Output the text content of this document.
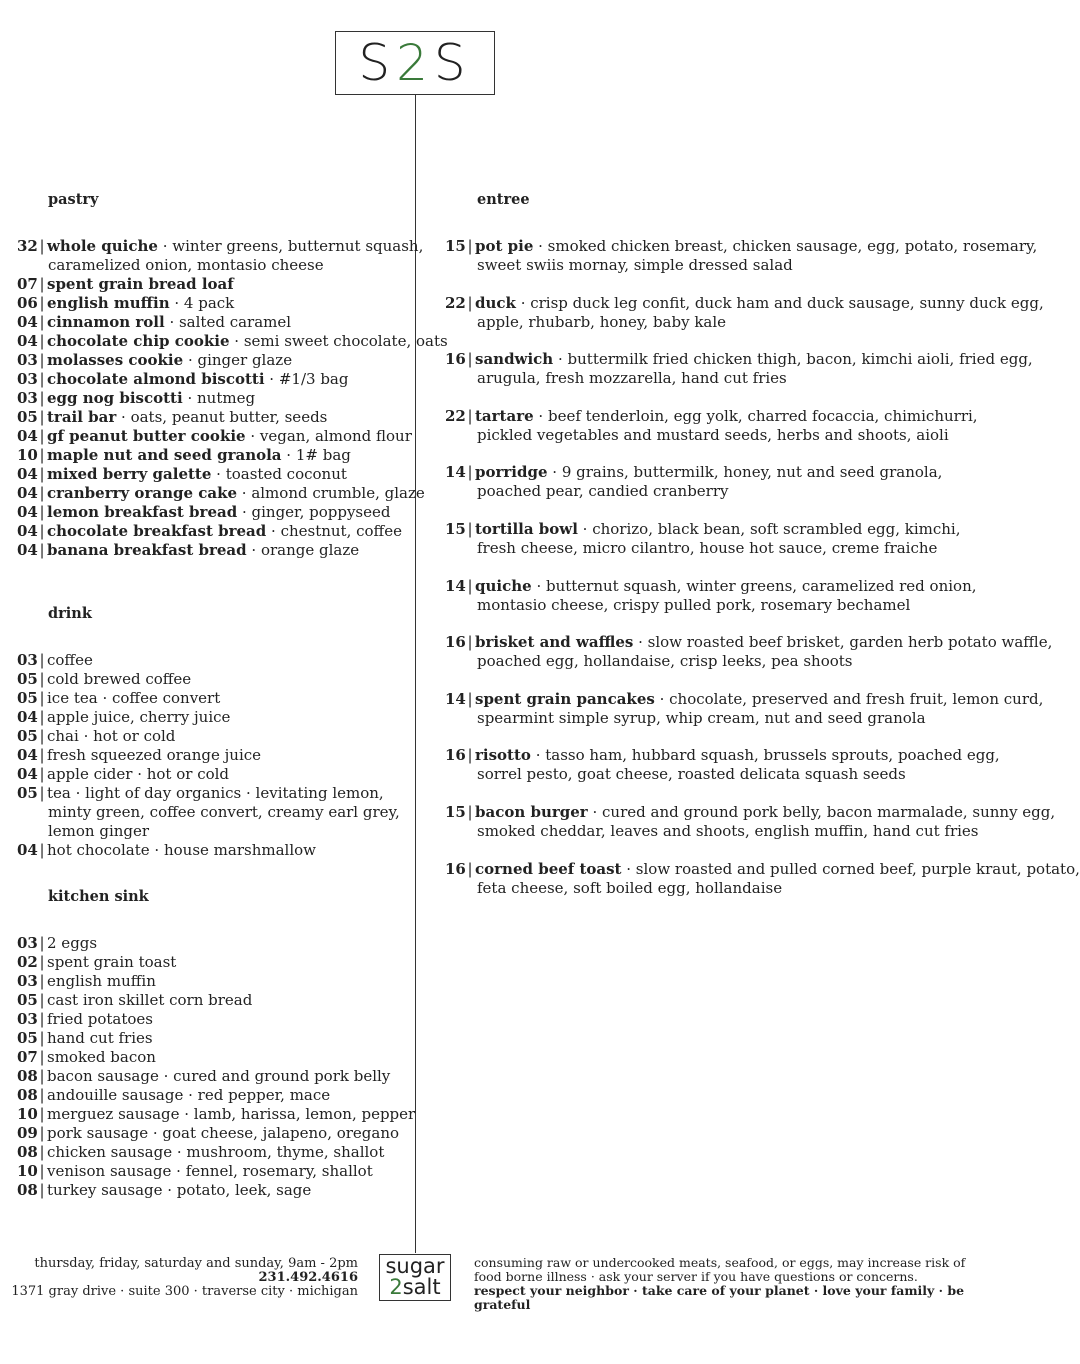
S2S
pastry
32 | whole quiche · winter greens, butternut squash,
caramelized onion, montasio cheese
07 | spent grain bread loaf
06 | english muffin · 4 pack
04 | cinnamon roll · salted caramel
04 | chocolate chip cookie · semi sweet chocolate, oats
03 | molasses cookie · ginger glaze
03 | chocolate almond biscotti · #1/3 bag
03 | egg nog biscotti · nutmeg
05 | trail bar · oats, peanut butter, seeds
04 | gf peanut butter cookie · vegan, almond flour
10 | maple nut and seed granola · 1# bag
04 | mixed berry galette · toasted coconut
04 | cranberry orange cake · almond crumble, glaze
04 | lemon breakfast bread · ginger, poppyseed
04 | chocolate breakfast bread · chestnut, coffee
04 | banana breakfast bread · orange glaze
drink
03 | coffee
05 | cold brewed coffee
05 | ice tea · coffee convert
04 | apple juice, cherry juice
05 | chai · hot or cold
04 | fresh squeezed orange juice
04 | apple cider · hot or cold
05 | tea · light of day organics · levitating lemon,
minty green, coffee convert, creamy earl grey,
lemon ginger
04 | hot chocolate · house marshmallow
kitchen sink
03 | 2 eggs
02 | spent grain toast
03 | english muffin
05 | cast iron skillet corn bread
03 | fried potatoes
05 | hand cut fries
07 | smoked bacon
08 | bacon sausage · cured and ground pork belly
08 | andouille sausage · red pepper, mace
10 | merguez sausage · lamb, harissa, lemon, pepper
09 | pork sausage · goat cheese, jalapeno, oregano
08 | chicken sausage · mushroom, thyme, shallot
10 | venison sausage · fennel, rosemary, shallot
08 | turkey sausage · potato, leek, sage
entree
15 | pot pie · smoked chicken breast, chicken sausage, egg, potato, rosemary,
sweet swiis mornay, simple dressed salad
22 | duck · crisp duck leg confit, duck ham and duck sausage, sunny duck egg,
apple, rhubarb, honey, baby kale
16 | sandwich · buttermilk fried chicken thigh, bacon, kimchi aioli, fried egg,
arugula, fresh mozzarella, hand cut fries
22 | tartare · beef tenderloin, egg yolk, charred focaccia, chimichurri,
pickled vegetables and mustard seeds, herbs and shoots, aioli
14 | porridge · 9 grains, buttermilk, honey, nut and seed granola,
poached pear, candied cranberry
15 | tortilla bowl · chorizo, black bean, soft scrambled egg, kimchi,
fresh cheese, micro cilantro, house hot sauce, creme fraiche
14 | quiche · butternut squash, winter greens, caramelized red onion,
montasio cheese, crispy pulled pork, rosemary bechamel
16 | brisket and waffles · slow roasted beef brisket, garden herb potato waffle,
poached egg, hollandaise, crisp leeks, pea shoots
14 | spent grain pancakes · chocolate, preserved and fresh fruit, lemon curd,
spearmint simple syrup, whip cream, nut and seed granola
16 | risotto · tasso ham, hubbard squash, brussels sprouts, poached egg,
sorrel pesto, goat cheese, roasted delicata squash seeds
15 | bacon burger · cured and ground pork belly, bacon marmalade, sunny egg,
smoked cheddar, leaves and shoots, english muffin, hand cut fries
16 | corned beef toast · slow roasted and pulled corned beef, purple kraut, potato,
feta cheese, soft boiled egg, hollandaise
thursday, friday, saturday and sunday, 9am - 2pm
231.492.4616
1371 gray drive · suite 300 · traverse city · michigan
sugar
2salt
consuming raw or undercooked meats, seafood, or eggs, may increase risk of food borne illness · ask your server if you have questions or concerns.
respect your neighbor · take care of your planet · love your family · be grateful
